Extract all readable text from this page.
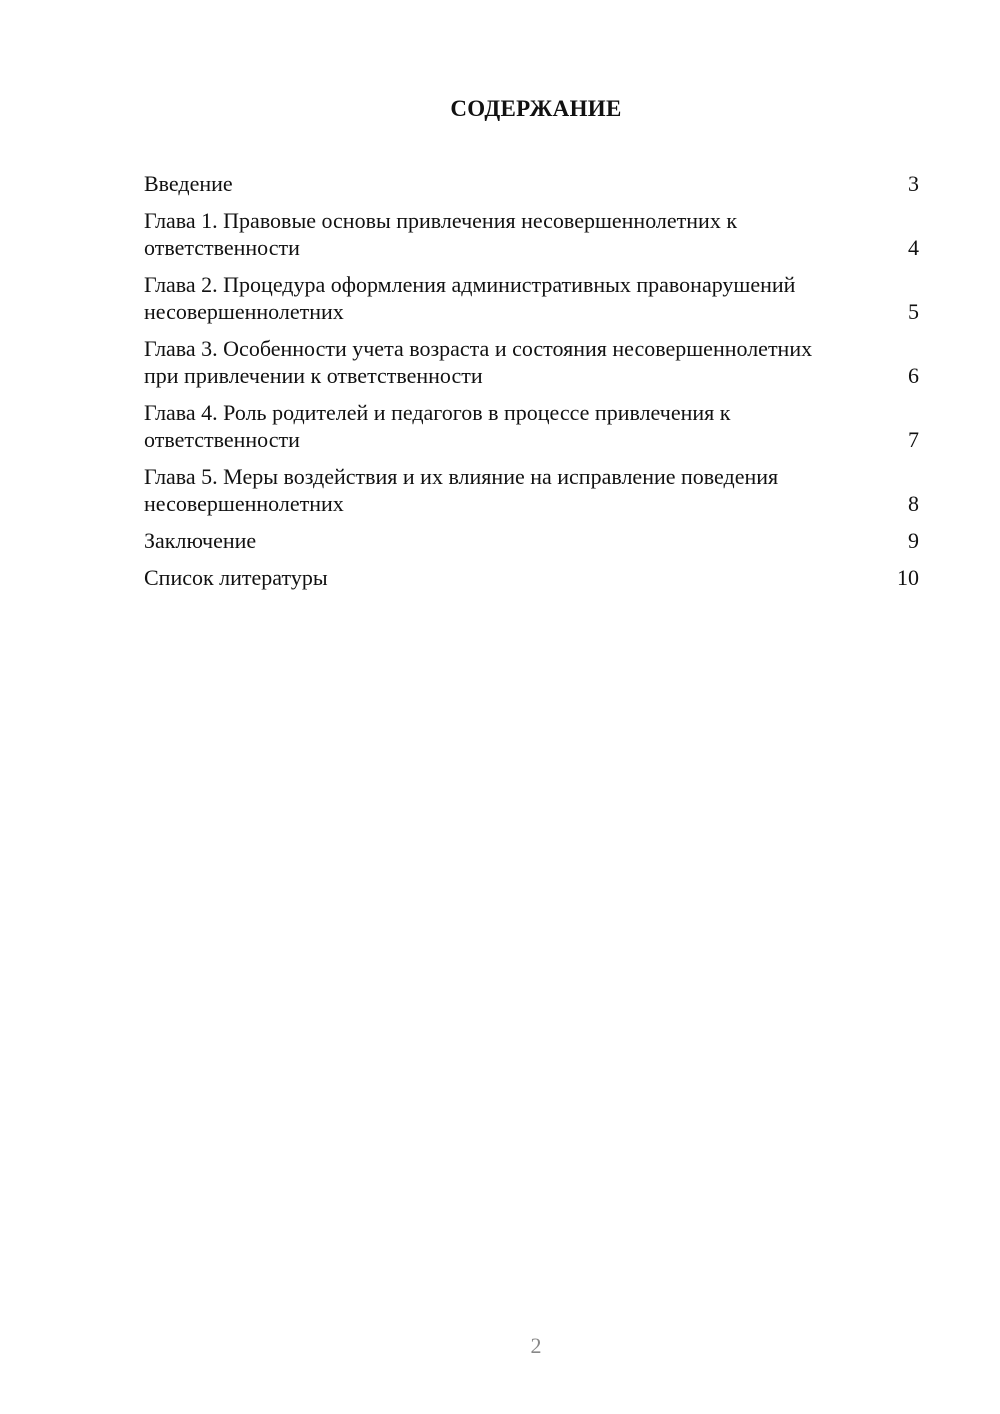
СОДЕРЖАНИЕ
Введение	3
Глава 1. Правовые основы привлечения несовершеннолетних к ответственности	4
Глава 2. Процедура оформления административных правонарушений несовершеннолетних	5
Глава 3. Особенности учета возраста и состояния несовершеннолетних при привлечении к ответственности	6
Глава 4. Роль родителей и педагогов в процессе привлечения к ответственности	7
Глава 5. Меры воздействия и их влияние на исправление поведения несовершеннолетних	8
Заключение	9
Список литературы	10
2
